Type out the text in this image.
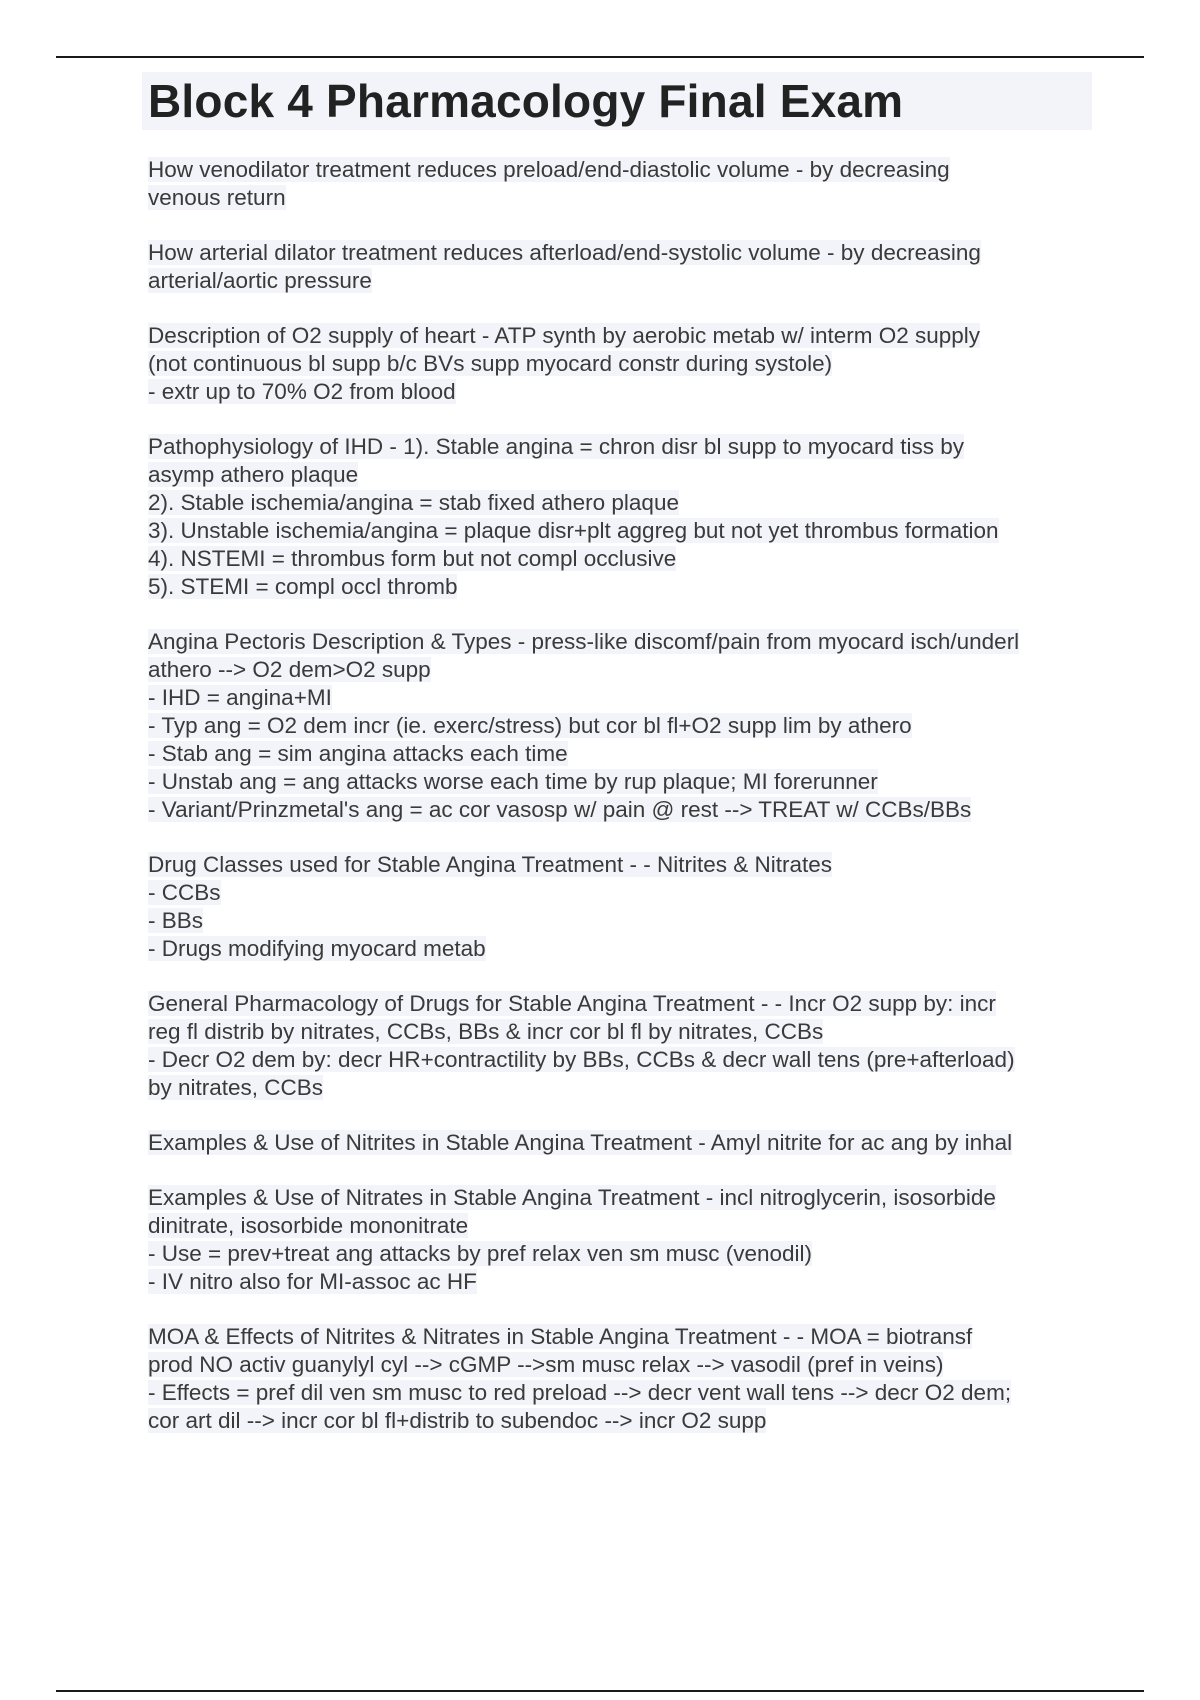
Block 4 Pharmacology Final Exam

How venodilator treatment reduces preload/end-diastolic volume - by decreasing
venous return

How arterial dilator treatment reduces afterload/end-systolic volume - by decreasing
arterial/aortic pressure

Description of O2 supply of heart - ATP synth by aerobic metab w/ interm O2 supply
(not continuous bl supp b/c BVs supp myocard constr during systole)
- extr up to 70% O2 from blood

Pathophysiology of IHD - 1). Stable angina = chron disr bl supp to myocard tiss by
asymp athero plaque
2). Stable ischemia/angina = stab fixed athero plaque
3). Unstable ischemia/angina = plaque disr+plt aggreg but not yet thrombus formation
4). NSTEMI = thrombus form but not compl occlusive
5). STEMI = compl occl thromb

Angina Pectoris Description & Types - press-like discomf/pain from myocard isch/underl
athero --> O2 dem>O2 supp
- IHD = angina+MI
- Typ ang = O2 dem incr (ie. exerc/stress) but cor bl fl+O2 supp lim by athero
- Stab ang = sim angina attacks each time
- Unstab ang = ang attacks worse each time by rup plaque; MI forerunner
- Variant/Prinzmetal's ang = ac cor vasosp w/ pain @ rest --> TREAT w/ CCBs/BBs

Drug Classes used for Stable Angina Treatment - - Nitrites & Nitrates
- CCBs
- BBs
- Drugs modifying myocard metab

General Pharmacology of Drugs for Stable Angina Treatment - - Incr O2 supp by: incr
reg fl distrib by nitrates, CCBs, BBs & incr cor bl fl by nitrates, CCBs
- Decr O2 dem by: decr HR+contractility by BBs, CCBs & decr wall tens (pre+afterload)
by nitrates, CCBs

Examples & Use of Nitrites in Stable Angina Treatment - Amyl nitrite for ac ang by inhal

Examples & Use of Nitrates in Stable Angina Treatment - incl nitroglycerin, isosorbide
dinitrate, isosorbide mononitrate
- Use = prev+treat ang attacks by pref relax ven sm musc (venodil)
- IV nitro also for MI-assoc ac HF

MOA & Effects of Nitrites & Nitrates in Stable Angina Treatment - - MOA = biotransf
prod NO activ guanylyl cyl --> cGMP -->sm musc relax --> vasodil (pref in veins)
- Effects = pref dil ven sm musc to red preload --> decr vent wall tens --> decr O2 dem;
cor art dil --> incr cor bl fl+distrib to subendoc --> incr O2 supp
